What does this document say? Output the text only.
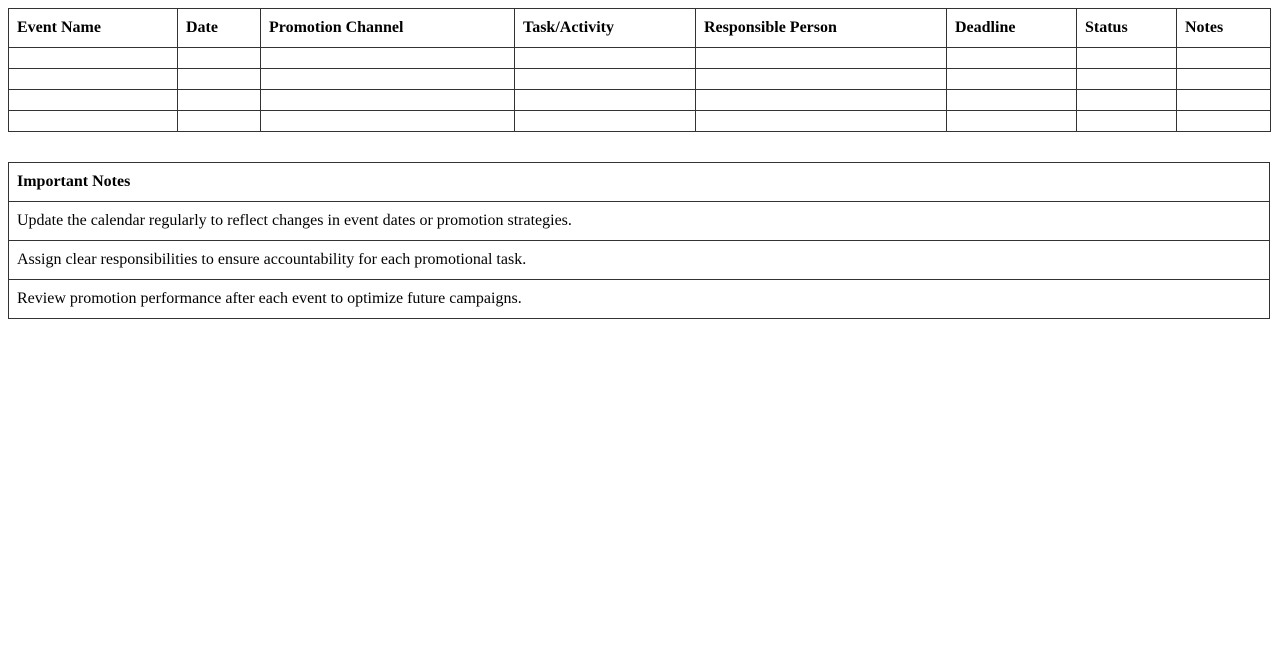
Event Name	Date	Promotion Channel	Task/Activity	Responsible Person	Deadline	Status	Notes

Important Notes
Update the calendar regularly to reflect changes in event dates or promotion strategies.
Assign clear responsibilities to ensure accountability for each promotional task.
Review promotion performance after each event to optimize future campaigns.
